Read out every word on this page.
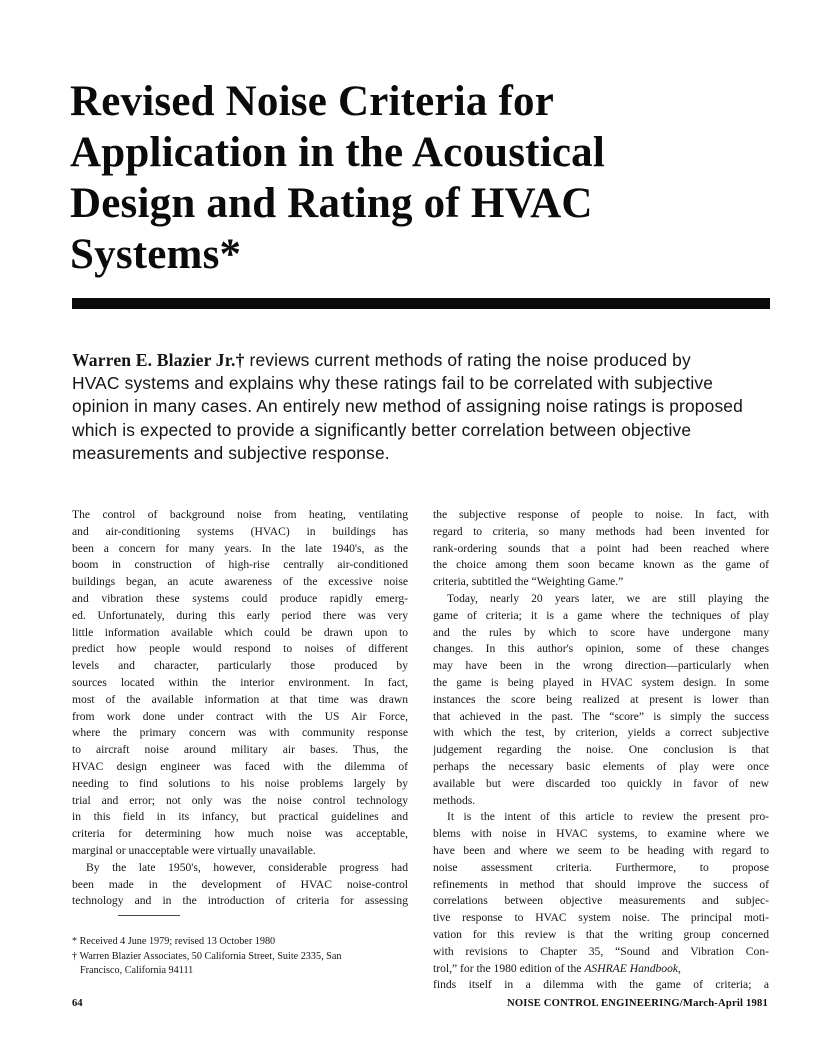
Revised Noise Criteria for
Application in the Acoustical
Design and Rating of HVAC
Systems*

Warren E. Blazier Jr.† reviews current methods of rating the noise produced by
HVAC systems and explains why these ratings fail to be correlated with subjective
opinion in many cases. An entirely new method of assigning noise ratings is proposed
which is expected to provide a significantly better correlation between objective
measurements and subjective response.

The control of background noise from heating, ventilating
and air-conditioning systems (HVAC) in buildings has
been a concern for many years. In the late 1940's, as the
boom in construction of high-rise centrally air-conditioned
buildings began, an acute awareness of the excessive noise
and vibration these systems could produce rapidly emerg-
ed. Unfortunately, during this early period there was very
little information available which could be drawn upon to
predict how people would respond to noises of different
levels and character, particularly those produced by
sources located within the interior environment. In fact,
most of the available information at that time was drawn
from work done under contract with the US Air Force,
where the primary concern was with community response
to aircraft noise around military air bases. Thus, the
HVAC design engineer was faced with the dilemma of
needing to find solutions to his noise problems largely by
trial and error; not only was the noise control technology
in this field in its infancy, but practical guidelines and
criteria for determining how much noise was acceptable,
marginal or unacceptable were virtually unavailable.
By the late 1950's, however, considerable progress had
been made in the development of HVAC noise-control
technology and in the introduction of criteria for assessing
the subjective response of people to noise. In fact, with
regard to criteria, so many methods had been invented for
rank-ordering sounds that a point had been reached where
the choice among them soon became known as the game of
criteria, subtitled the “Weighting Game.”
Today, nearly 20 years later, we are still playing the
game of criteria; it is a game where the techniques of play
and the rules by which to score have undergone many
changes. In this author's opinion, some of these changes
may have been in the wrong direction—particularly when
the game is being played in HVAC system design. In some
instances the score being realized at present is lower than
that achieved in the past. The “score” is simply the success
with which the test, by criterion, yields a correct subjective
judgement regarding the noise. One conclusion is that
perhaps the necessary basic elements of play were once
available but were discarded too quickly in favor of new
methods.
It is the intent of this article to review the present pro-
blems with noise in HVAC systems, to examine where we
have been and where we seem to be heading with regard to
noise assessment criteria. Furthermore, to propose
refinements in method that should improve the success of
correlations between objective measurements and subjec-
tive response to HVAC system noise. The principal moti-
vation for this review is that the writing group concerned
with revisions to Chapter 35, “Sound and Vibration Con-
trol,” for the 1980 edition of the ASHRAE Handbook,
finds itself in a dilemma with the game of criteria; a
* Received 4 June 1979; revised 13 October 1980
† Warren Blazier Associates, 50 California Street, Suite 2335, San
Francisco, California 94111

64	NOISE CONTROL ENGINEERING/March-April 1981
